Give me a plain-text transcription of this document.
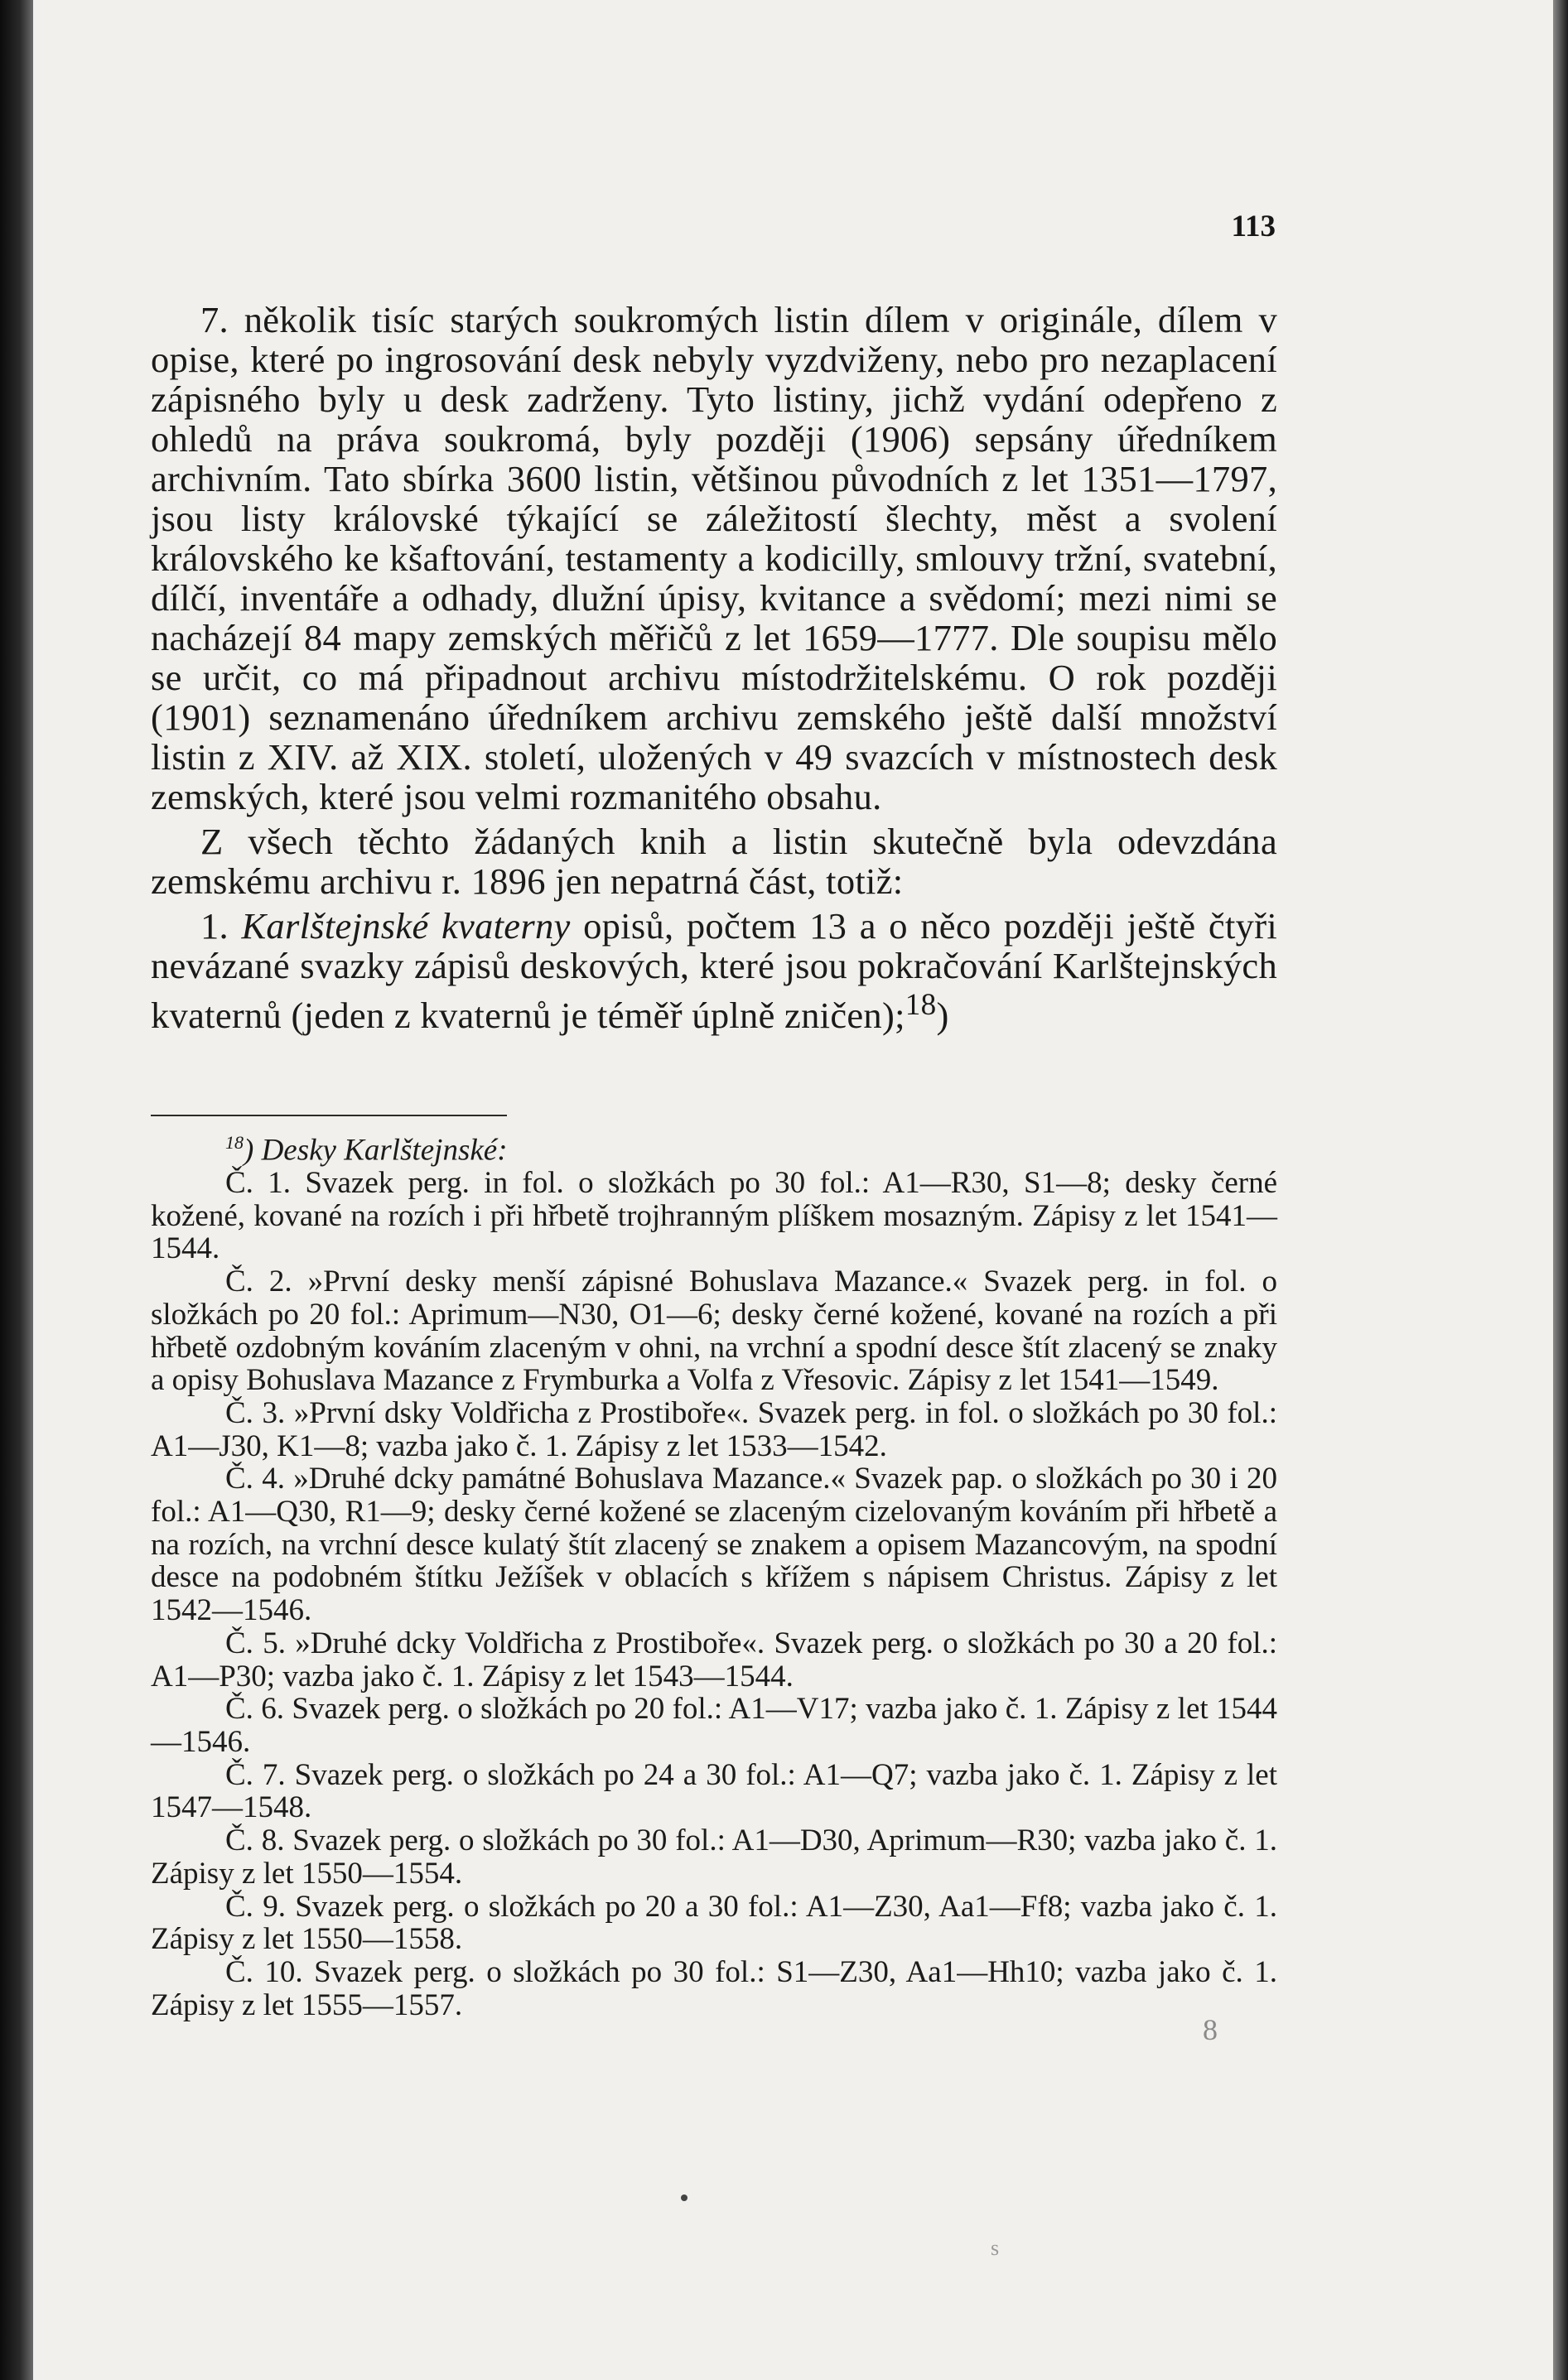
113

7. několik tisíc starých soukromých listin dílem v originále, dílem v opise, které po ingrosování desk nebyly vyzdviženy, nebo pro nezaplacení zápisného byly u desk zadrženy. Tyto listiny, jichž vydání odepřeno z ohledů na práva soukromá, byly později (1906) sepsány úředníkem archivním. Tato sbírka 3600 listin, většinou původních z let 1351—1797, jsou listy královské týkající se záležitostí šlechty, měst a svolení královského ke kšaftování, testamenty a kodicilly, smlouvy tržní, svatební, dílčí, inventáře a odhady, dlužní úpisy, kvitance a svědomí; mezi nimi se nacházejí 84 mapy zemských měřičů z let 1659—1777. Dle soupisu mělo se určit, co má připadnout archivu místodržitelskému. O rok později (1901) seznamenáno úředníkem archivu zemského ještě další množství listin z XIV. až XIX. století, uložených v 49 svazcích v místnostech desk zemských, které jsou velmi rozmanitého obsahu.

Z všech těchto žádaných knih a listin skutečně byla odevzdána zemskému archivu r. 1896 jen nepatrná část, totiž:

1. Karlštejnské kvaterny opisů, počtem 13 a o něco později ještě čtyři nevázané svazky zápisů deskových, které jsou pokračování Karlštejnských kvaternů (jeden z kvaternů je téměř úplně zničen);$^{18}$)

$^{18}$) Desky Karlštejnské:

Č. 1. Svazek perg. in fol. o složkách po 30 fol.: A1—R30, S1—8; desky černé kožené, kované na rozích i při hřbetě trojhranným plíškem mosazným. Zápisy z let 1541—1544.

Č. 2. »První desky menší zápisné Bohuslava Mazance.« Svazek perg. in fol. o složkách po 20 fol.: Aprimum—N30, O1—6; desky černé kožené, kované na rozích a při hřbetě ozdobným kováním zlaceným v ohni, na vrchní a spodní desce štít zlacený se znaky a opisy Bohuslava Mazance z Frymburka a Volfa z Vřesovic. Zápisy z let 1541—1549.

Č. 3. »První dsky Voldřicha z Prostiboře«. Svazek perg. in fol. o složkách po 30 fol.: A1—J30, K1—8; vazba jako č. 1. Zápisy z let 1533—1542.

Č. 4. »Druhé dcky památné Bohuslava Mazance.« Svazek pap. o složkách po 30 i 20 fol.: A1—Q30, R1—9; desky černé kožené se zlaceným cizelovaným kováním při hřbetě a na rozích, na vrchní desce kulatý štít zlacený se znakem a opisem Mazancovým, na spodní desce na podobném štítku Ježíšek v oblacích s křížem s nápisem Christus. Zápisy z let 1542—1546.

Č. 5. »Druhé dcky Voldřicha z Prostiboře«. Svazek perg. o složkách po 30 a 20 fol.: A1—P30; vazba jako č. 1. Zápisy z let 1543—1544.

Č. 6. Svazek perg. o složkách po 20 fol.: A1—V17; vazba jako č. 1. Zápisy z let 1544—1546.

Č. 7. Svazek perg. o složkách po 24 a 30 fol.: A1—Q7; vazba jako č. 1. Zápisy z let 1547—1548.

Č. 8. Svazek perg. o složkách po 30 fol.: A1—D30, Aprimum—R30; vazba jako č. 1. Zápisy z let 1550—1554.

Č. 9. Svazek perg. o složkách po 20 a 30 fol.: A1—Z30, Aa1—Ff8; vazba jako č. 1. Zápisy z let 1550—1558.

Č. 10. Svazek perg. o složkách po 30 fol.: S1—Z30, Aa1—Hh10; vazba jako č. 1. Zápisy z let 1555—1557.

8
s
